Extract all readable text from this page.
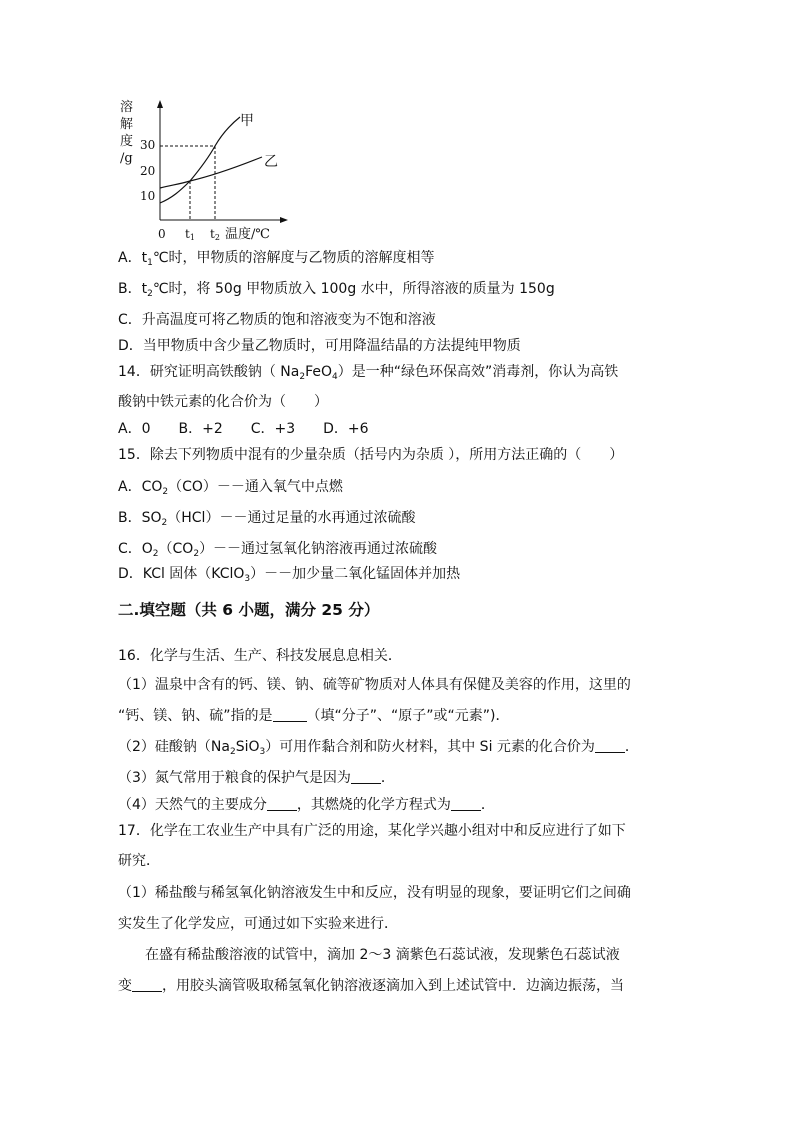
溶
解
度
/g
30
20
10
0
甲
乙
t1 t2 温度/℃
A．$t_1℃$时，甲物质的溶解度与乙物质的溶解度相等
B．$t_2℃$时，将 50g 甲物质放入 100g 水中，所得溶液的质量为 150g
C．升高温度可将乙物质的饱和溶液变为不饱和溶液
D．当甲物质中含少量乙物质时，可用降温结晶的方法提纯甲物质
14．研究证明高铁酸钠（ $Na_2FeO_4$）是一种“绿色环保高效”消毒剂，你认为高铁
酸钠中铁元素的化合价为（　　）
A．0　　B．+2　　C．+3　　D．+6
15．除去下列物质中混有的少量杂质（括号内为杂质 ），所用方法正确的（　　）
A．$CO_2(CO)--$通入氧气中点燃
B．$SO_2(HCl)--$通过足量的水再通过浓硫酸
C．$O_2(CO_2)--$通过氢氧化钠溶液再通过浓硫酸
D．KCl 固体（KClO$_3$）－－加少量二氧化锰固体并加热
二.填空题（共 6 小题，满分 25 分）
16．化学与生活、生产、科技发展息息相关．
（1）温泉中含有的钙、镁、钠、硫等矿物质对人体具有保健及美容的作用，这里的
“钙、镁、钠、硫”指的是 （填“分子”、“原子”或“元素”)．
（2）硅酸钠$(Na_2SiO_3)$可用作黏合剂和防火材料，其中 Si 元素的化合价为 ．
（3）氮气常用于粮食的保护气是因为 ．
（4）天然气的主要成分 ，其燃烧的化学方程式为 ．
17．化学在工农业生产中具有广泛的用途，某化学兴趣小组对中和反应进行了如下
研究．
（1）稀盐酸与稀氢氧化钠溶液发生中和反应，没有明显的现象，要证明它们之间确
实发生了化学发应，可通过如下实验来进行．
在盛有稀盐酸溶液的试管中，滴加 2～3 滴紫色石蕊试液，发现紫色石蕊试液
变 ，用胶头滴管吸取稀氢氧化钠溶液逐滴加入到上述试管中．边滴边振荡，当
